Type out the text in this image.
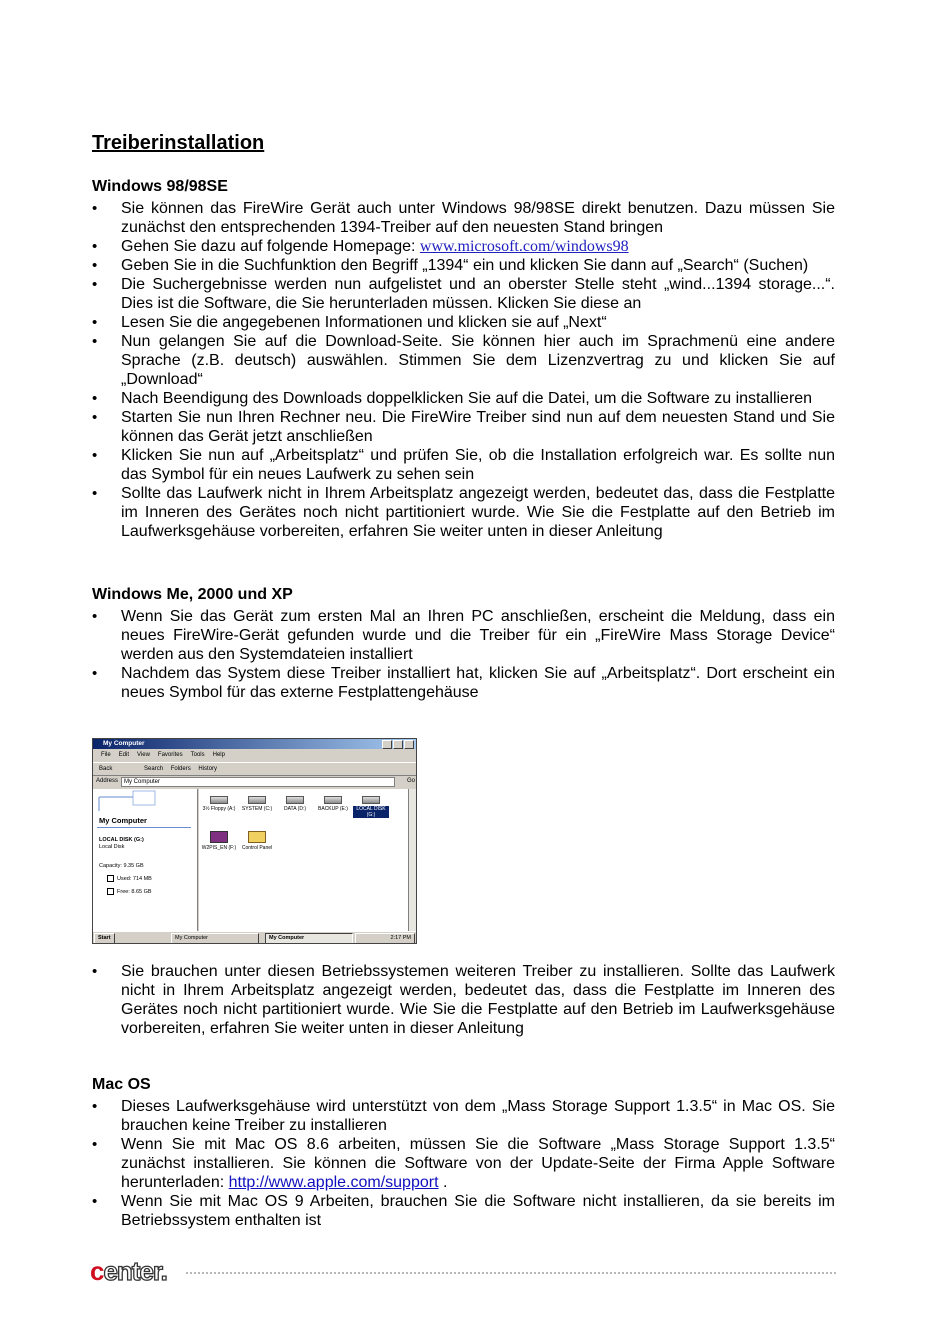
Treiberinstallation
Windows 98/98SE
• Sie können das FireWire Gerät auch unter Windows 98/98SE direkt benutzen. Dazu müssen Sie zunächst den entsprechenden 1394-Treiber auf den neuesten Stand bringen
• Gehen Sie dazu auf folgende Homepage: www.microsoft.com/windows98
• Geben Sie in die Suchfunktion den Begriff „1394“ ein und klicken Sie dann auf „Search“ (Suchen)
• Die Suchergebnisse werden nun aufgelistet und an oberster Stelle steht „wind...1394 storage...“. Dies ist die Software, die Sie herunterladen müssen. Klicken Sie diese an
• Lesen Sie die angegebenen Informationen und klicken sie auf „Next“
• Nun gelangen Sie auf die Download-Seite. Sie können hier auch im Sprachmenü eine andere Sprache (z.B. deutsch) auswählen. Stimmen Sie dem Lizenzvertrag zu und klicken Sie auf „Download“
• Nach Beendigung des Downloads doppelklicken Sie auf die Datei, um die Software zu installieren
• Starten Sie nun Ihren Rechner neu. Die FireWire Treiber sind nun auf dem neuesten Stand und Sie können das Gerät jetzt anschließen
• Klicken Sie nun auf „Arbeitsplatz“ und prüfen Sie, ob die Installation erfolgreich war. Es sollte nun das Symbol für ein neues Laufwerk zu sehen sein
• Sollte das Laufwerk nicht in Ihrem Arbeitsplatz angezeigt werden, bedeutet das, dass die Festplatte im Inneren des Gerätes noch nicht partitioniert wurde. Wie Sie die Festplatte auf den Betrieb im Laufwerksgehäuse vorbereiten, erfahren Sie weiter unten in dieser Anleitung
Windows Me, 2000 und XP
• Wenn Sie das Gerät zum ersten Mal an Ihren PC anschließen, erscheint die Meldung, dass ein neues FireWire-Gerät gefunden wurde und die Treiber für ein „FireWire Mass Storage Device“ werden aus den Systemdateien installiert
• Nachdem das System diese Treiber installiert hat, klicken Sie auf „Arbeitsplatz“. Dort erscheint ein neues Symbol für das externe Festplattengehäuse
My Computer
File Edit View Favorites Tools Help
Back	Search Folders History
Address My Computer	Go
My Computer
LOCAL DISK (G:)
Local Disk
Capacity: 9.35 GB
Used: 714 MB
Free: 8.65 GB
3½ Floppy (A:)	SYSTEM (C:)	DATA (D:)	BACKUP (E:)	LOCAL DISK (G:)
W2PIS_EN (F:)	Control Panel
Start	My Computer	My Computer	2:17 PM
• Sie brauchen unter diesen Betriebssystemen weiteren Treiber zu installieren. Sollte das Laufwerk nicht in Ihrem Arbeitsplatz angezeigt werden, bedeutet das, dass die Festplatte im Inneren des Gerätes noch nicht partitioniert wurde. Wie Sie die Festplatte auf den Betrieb im Laufwerksgehäuse vorbereiten, erfahren Sie weiter unten in dieser Anleitung
Mac OS
• Dieses Laufwerksgehäuse wird unterstützt von dem „Mass Storage Support 1.3.5“ in Mac OS. Sie brauchen keine Treiber zu installieren
• Wenn Sie mit Mac OS 8.6 arbeiten, müssen Sie die Software „Mass Storage Support 1.3.5“ zunächst installieren. Sie können die Software von der Update-Seite der Firma Apple Software herunterladen: http://www.apple.com/support .
• Wenn Sie mit Mac OS 9 Arbeiten, brauchen Sie die Software nicht installieren, da sie bereits im Betriebssystem enthalten ist
center.
